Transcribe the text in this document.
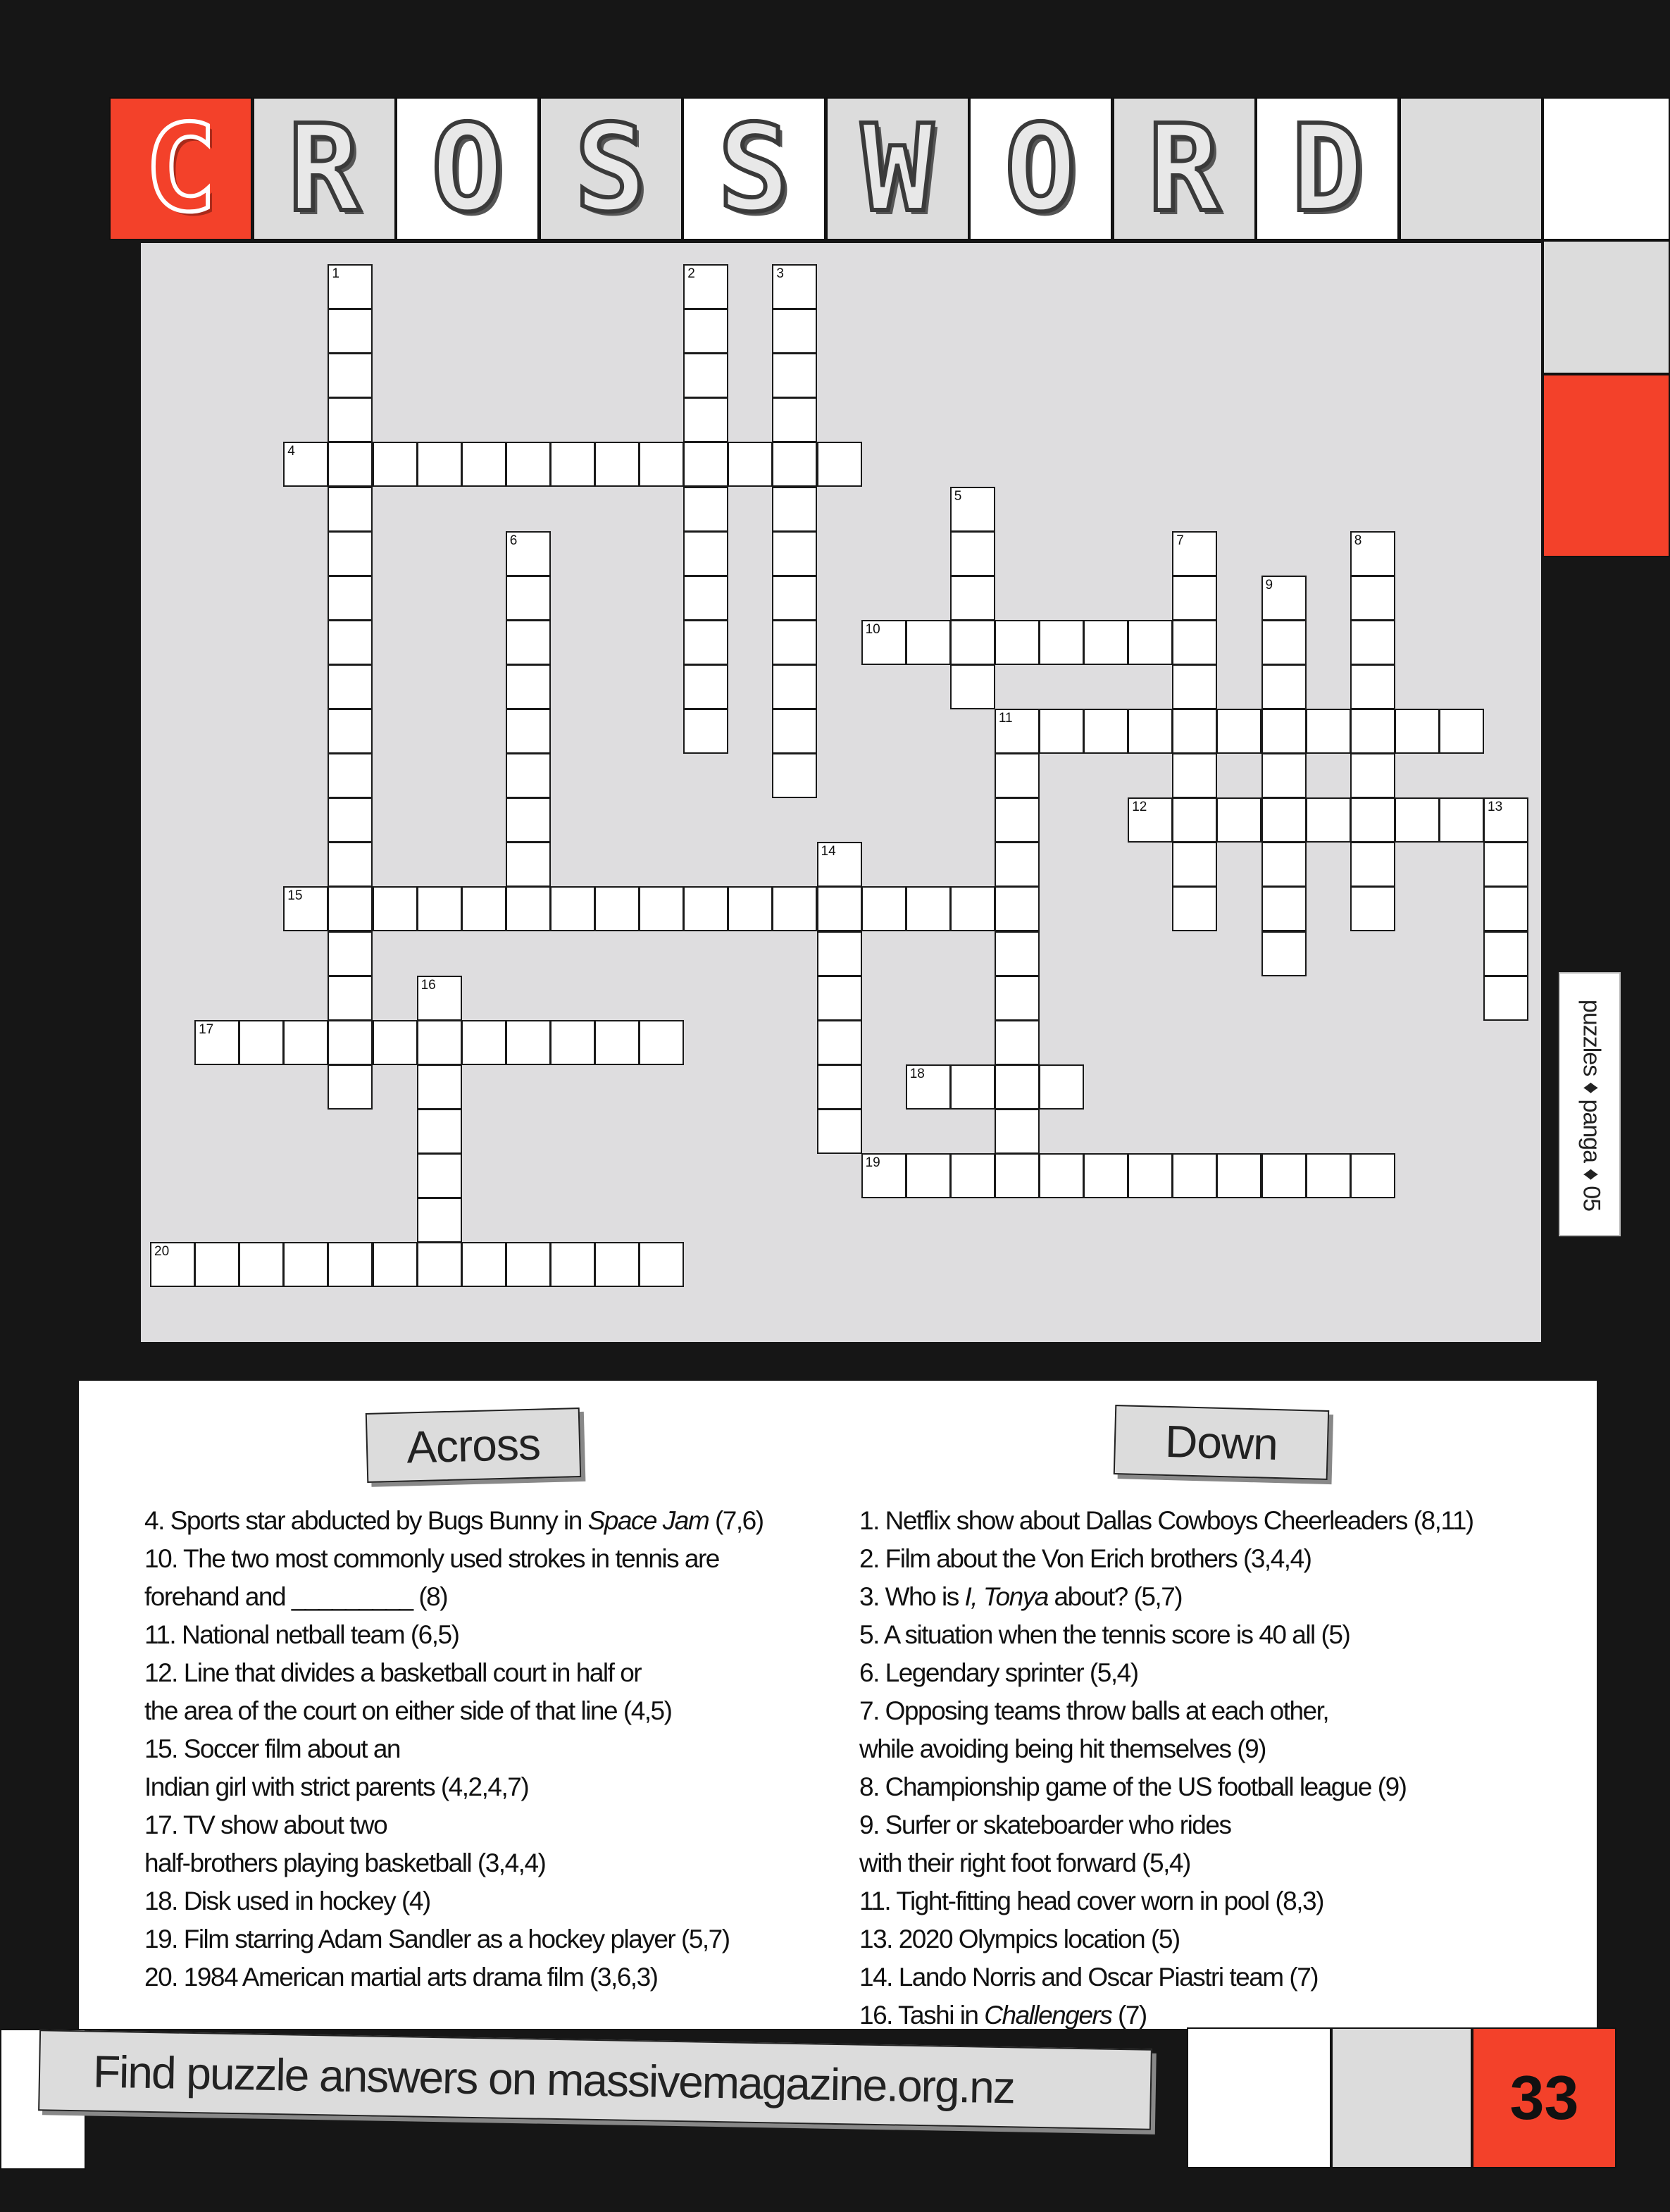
C R O S S W O R D
1	2	3
4
5
6	7	8
9
10
11
12	13
14
15
16
17
18
19
20
puzzles ♦ panga ♦ 05
Across	Down
4. Sports star abducted by Bugs Bunny in Space Jam (7,6)
10. The two most commonly used strokes in tennis are
forehand and _________ (8)
11. National netball team (6,5)
12. Line that divides a basketball court in half or
the area of the court on either side of that line (4,5)
15. Soccer film about an
Indian girl with strict parents (4,2,4,7)
17. TV show about two
half-brothers playing basketball (3,4,4)
18. Disk used in hockey (4)
19. Film starring Adam Sandler as a hockey player (5,7)
20. 1984 American martial arts drama film (3,6,3)
1. Netflix show about Dallas Cowboys Cheerleaders (8,11)
2. Film about the Von Erich brothers (3,4,4)
3. Who is I, Tonya about? (5,7)
5. A situation when the tennis score is 40 all (5)
6. Legendary sprinter (5,4)
7. Opposing teams throw balls at each other,
while avoiding being hit themselves (9)
8. Championship game of the US football league (9)
9. Surfer or skateboarder who rides
with their right foot forward (5,4)
11. Tight-fitting head cover worn in pool (8,3)
13. 2020 Olympics location (5)
14. Lando Norris and Oscar Piastri team (7)
16. Tashi in Challengers (7)
Find puzzle answers on massivemagazine.org.nz	33
